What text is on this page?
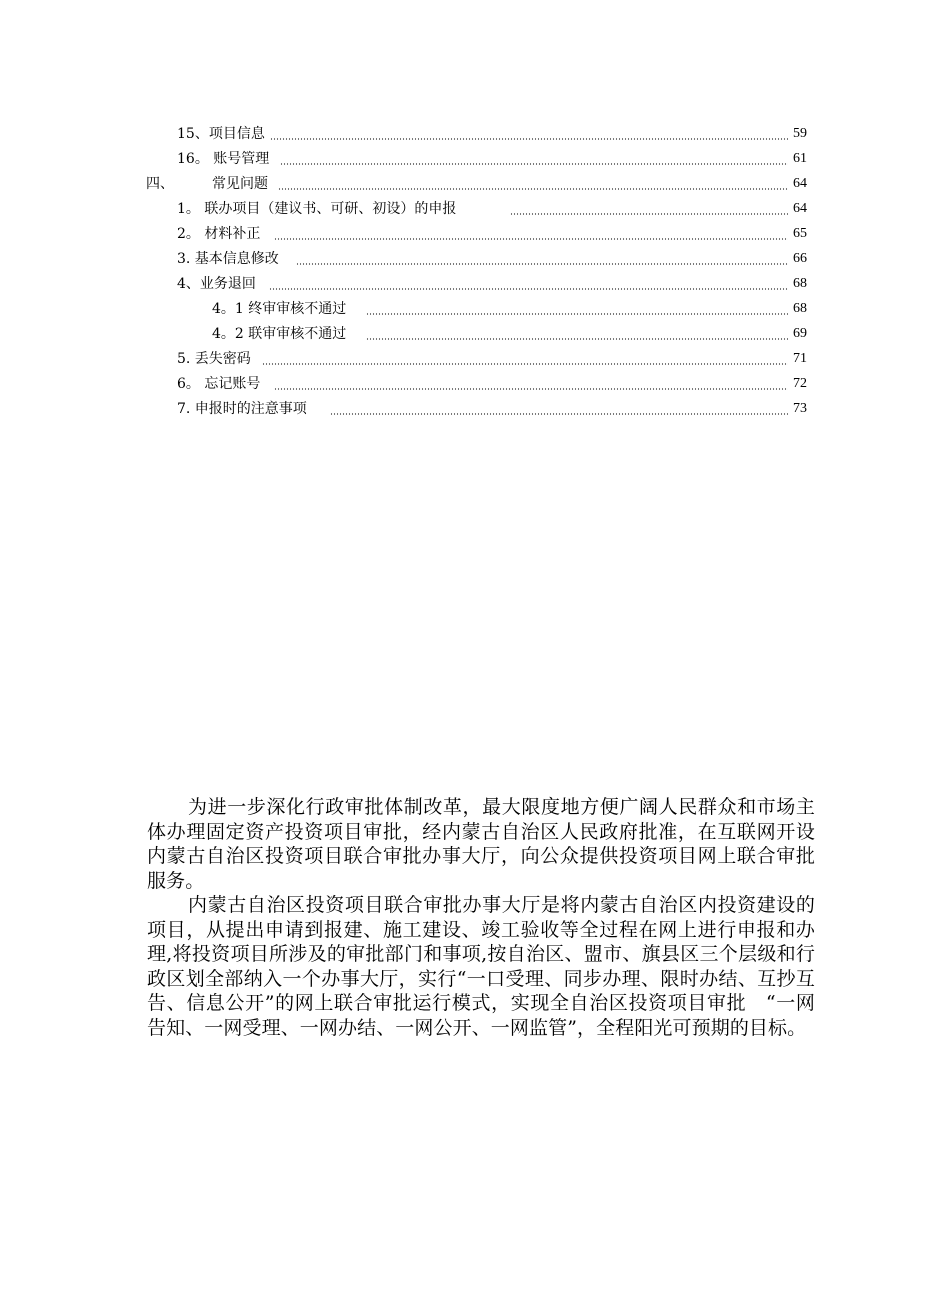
15、项目信息	59
16。 账号管理	61
四、	常见问题	64
1。 联办项目（建议书、可研、初设）的申报	64
2。 材料补正	65
3. 基本信息修改	66
4、业务退回	68
4。1 终审审核不通过	68
4。2 联审审核不通过	69
5. 丢失密码	71
6。 忘记账号	72
7. 申报时的注意事项	73

为进一步深化行政审批体制改革，最大限度地方便广阔人民群众和市场主体办理固定资产投资项目审批，经内蒙古自治区人民政府批准，在互联网开设内蒙古自治区投资项目联合审批办事大厅，向公众提供投资项目网上联合审批服务。

内蒙古自治区投资项目联合审批办事大厅是将内蒙古自治区内投资建设的项目，从提出申请到报建、施工建设、竣工验收等全过程在网上进行申报和办理,将投资项目所涉及的审批部门和事项,按自治区、盟市、旗县区三个层级和行政区划全部纳入一个办事大厅，实行“一口受理、同步办理、限时办结、互抄互告、信息公开”的网上联合审批运行模式，实现全自治区投资项目审批　“一网告知、一网受理、一网办结、一网公开、一网监管”，全程阳光可预期的目标。
